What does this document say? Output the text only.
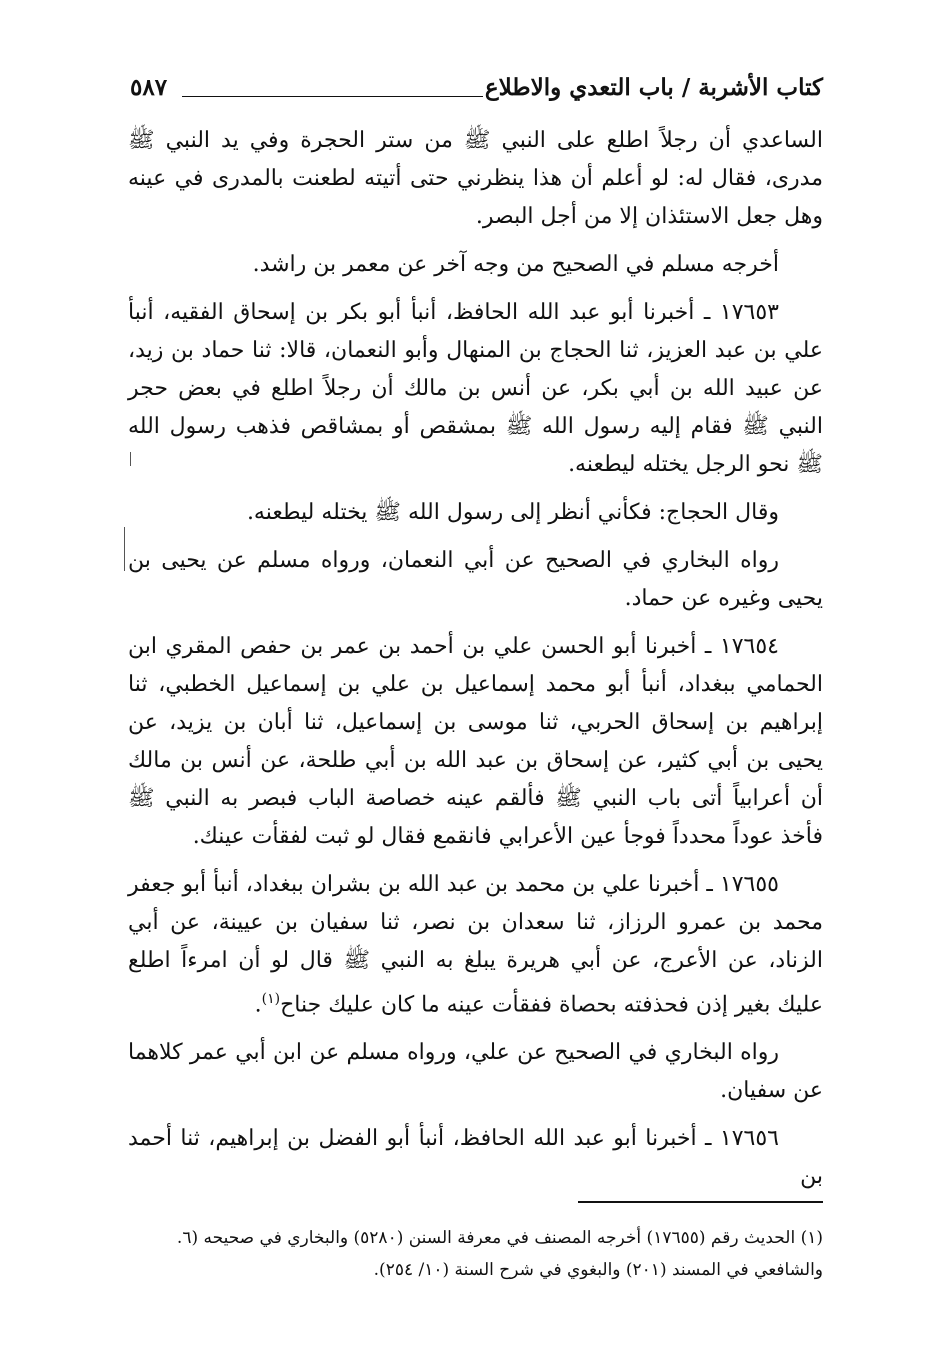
كتاب الأشربة / باب التعدي والاطلاع
٥٨٧

الساعدي أن رجلاً اطلع على النبي ﷺ من ستر الحجرة وفي يد النبي ﷺ مدرى، فقال له: لو أعلم أن هذا ينظرني حتى أتيته لطعنت بالمدرى في عينه وهل جعل الاستئذان إلا من أجل البصر.

أخرجه مسلم في الصحيح من وجه آخر عن معمر بن راشد.

١٧٦٥٣ ـ أخبرنا أبو عبد الله الحافظ، أنبأ أبو بكر بن إسحاق الفقيه، أنبأ علي بن عبد العزيز، ثنا الحجاج بن المنهال وأبو النعمان، قالا: ثنا حماد بن زيد، عن عبيد الله بن أبي بكر، عن أنس بن مالك أن رجلاً اطلع في بعض حجر النبي ﷺ فقام إليه رسول الله ﷺ بمشقص أو بمشاقص فذهب رسول الله ﷺ نحو الرجل يختله ليطعنه.

وقال الحجاج: فكأني أنظر إلى رسول الله ﷺ يختله ليطعنه.

رواه البخاري في الصحيح عن أبي النعمان، ورواه مسلم عن يحيى بن يحيى وغيره عن حماد.

١٧٦٥٤ ـ أخبرنا أبو الحسن علي بن أحمد بن عمر بن حفص المقري ابن الحمامي ببغداد، أنبأ أبو محمد إسماعيل بن علي بن إسماعيل الخطبي، ثنا إبراهيم بن إسحاق الحربي، ثنا موسى بن إسماعيل، ثنا أبان بن يزيد، عن يحيى بن أبي كثير، عن إسحاق بن عبد الله بن أبي طلحة، عن أنس بن مالك أن أعرابياً أتى باب النبي ﷺ فألقم عينه خصاصة الباب فبصر به النبي ﷺ فأخذ عوداً محدداً فوجأ عين الأعرابي فانقمع فقال لو ثبت لفقأت عينك.

١٧٦٥٥ ـ أخبرنا علي بن محمد بن عبد الله بن بشران ببغداد، أنبأ أبو جعفر محمد بن عمرو الرزاز، ثنا سعدان بن نصر، ثنا سفيان بن عيينة، عن أبي الزناد، عن الأعرج، عن أبي هريرة يبلغ به النبي ﷺ قال لو أن امرءاً اطلع عليك بغير إذن فحذفته بحصاة ففقأت عينه ما كان عليك جناح$^{(١)}$.

رواه البخاري في الصحيح عن علي، ورواه مسلم عن ابن أبي عمر كلاهما عن سفيان.

١٧٦٥٦ ـ أخبرنا أبو عبد الله الحافظ، أنبأ أبو الفضل بن إبراهيم، ثنا أحمد بن

(١) الحديث رقم (١٧٦٥٥) أخرجه المصنف في معرفة السنن (٥٢٨٠) والبخاري في صحيحه (٦.

والشافعي في المسند (٢٠١) والبغوي في شرح السنة (١٠/ ٢٥٤).
